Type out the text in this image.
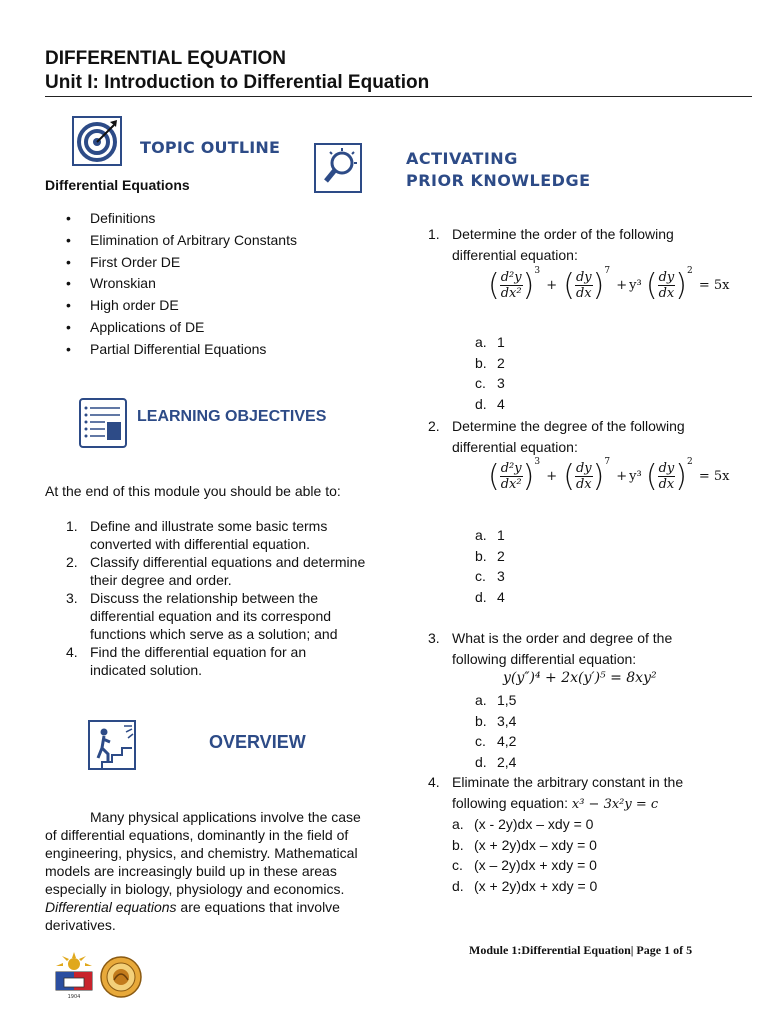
DIFFERENTIAL EQUATION
Unit I: Introduction to Differential Equation
TOPIC OUTLINE
ACTIVATING
PRIOR KNOWLEDGE
Differential Equations
• Definitions
• Elimination of Arbitrary Constants
• First Order DE
• Wronskian
• High order DE
• Applications of DE
• Partial Differential Equations
LEARNING OBJECTIVES
At the end of this module you should be able to:
1. Define and illustrate some basic terms converted with differential equation.
2. Classify differential equations and determine their degree and order.
3. Discuss the relationship between the differential equation and its correspond functions which serve as a solution; and
4. Find the differential equation for an indicated solution.
OVERVIEW
Many physical applications involve the case of differential equations, dominantly in the field of engineering, physics, and chemistry. Mathematical models are increasingly build up in these areas especially in biology, physiology and economics. Differential equations are equations that involve derivatives.
1. Determine the order of the following differential equation:
( $\frac{\text{d²y}}{\text{dx²}} )^3$ + ( $\frac{dy}{dx} )^7 + y^3$ ( $\frac{dy}{dx} )^2 = 5x$
a. 1
b. 2
c. 3
d. 4
2. Determine the degree of the following differential equation:
( $\frac{\text{d²y}}{\text{dx²}} )^3$ + ( $\frac{dy}{dx} )^7 + y^3$ ( $\frac{dy}{dx} )^2 = 5x$
a. 1
b. 2
c. 3
d. 4
3. What is the order and degree of the following differential equation:
y(y″)⁴ + 2x(y′)⁵ = 8xy²
a. 1,5
b. 3,4
c. 4,2
d. 2,4
4. Eliminate the arbitrary constant in the following equation: x³ − 3x²y = c
a. (x - 2y)dx – xdy = 0
b. (x + 2y)dx – xdy = 0
c. (x – 2y)dx + xdy = 0
d. (x + 2y)dx + xdy = 0
Module 1:Differential Equation| Page 1 of 5
1904
